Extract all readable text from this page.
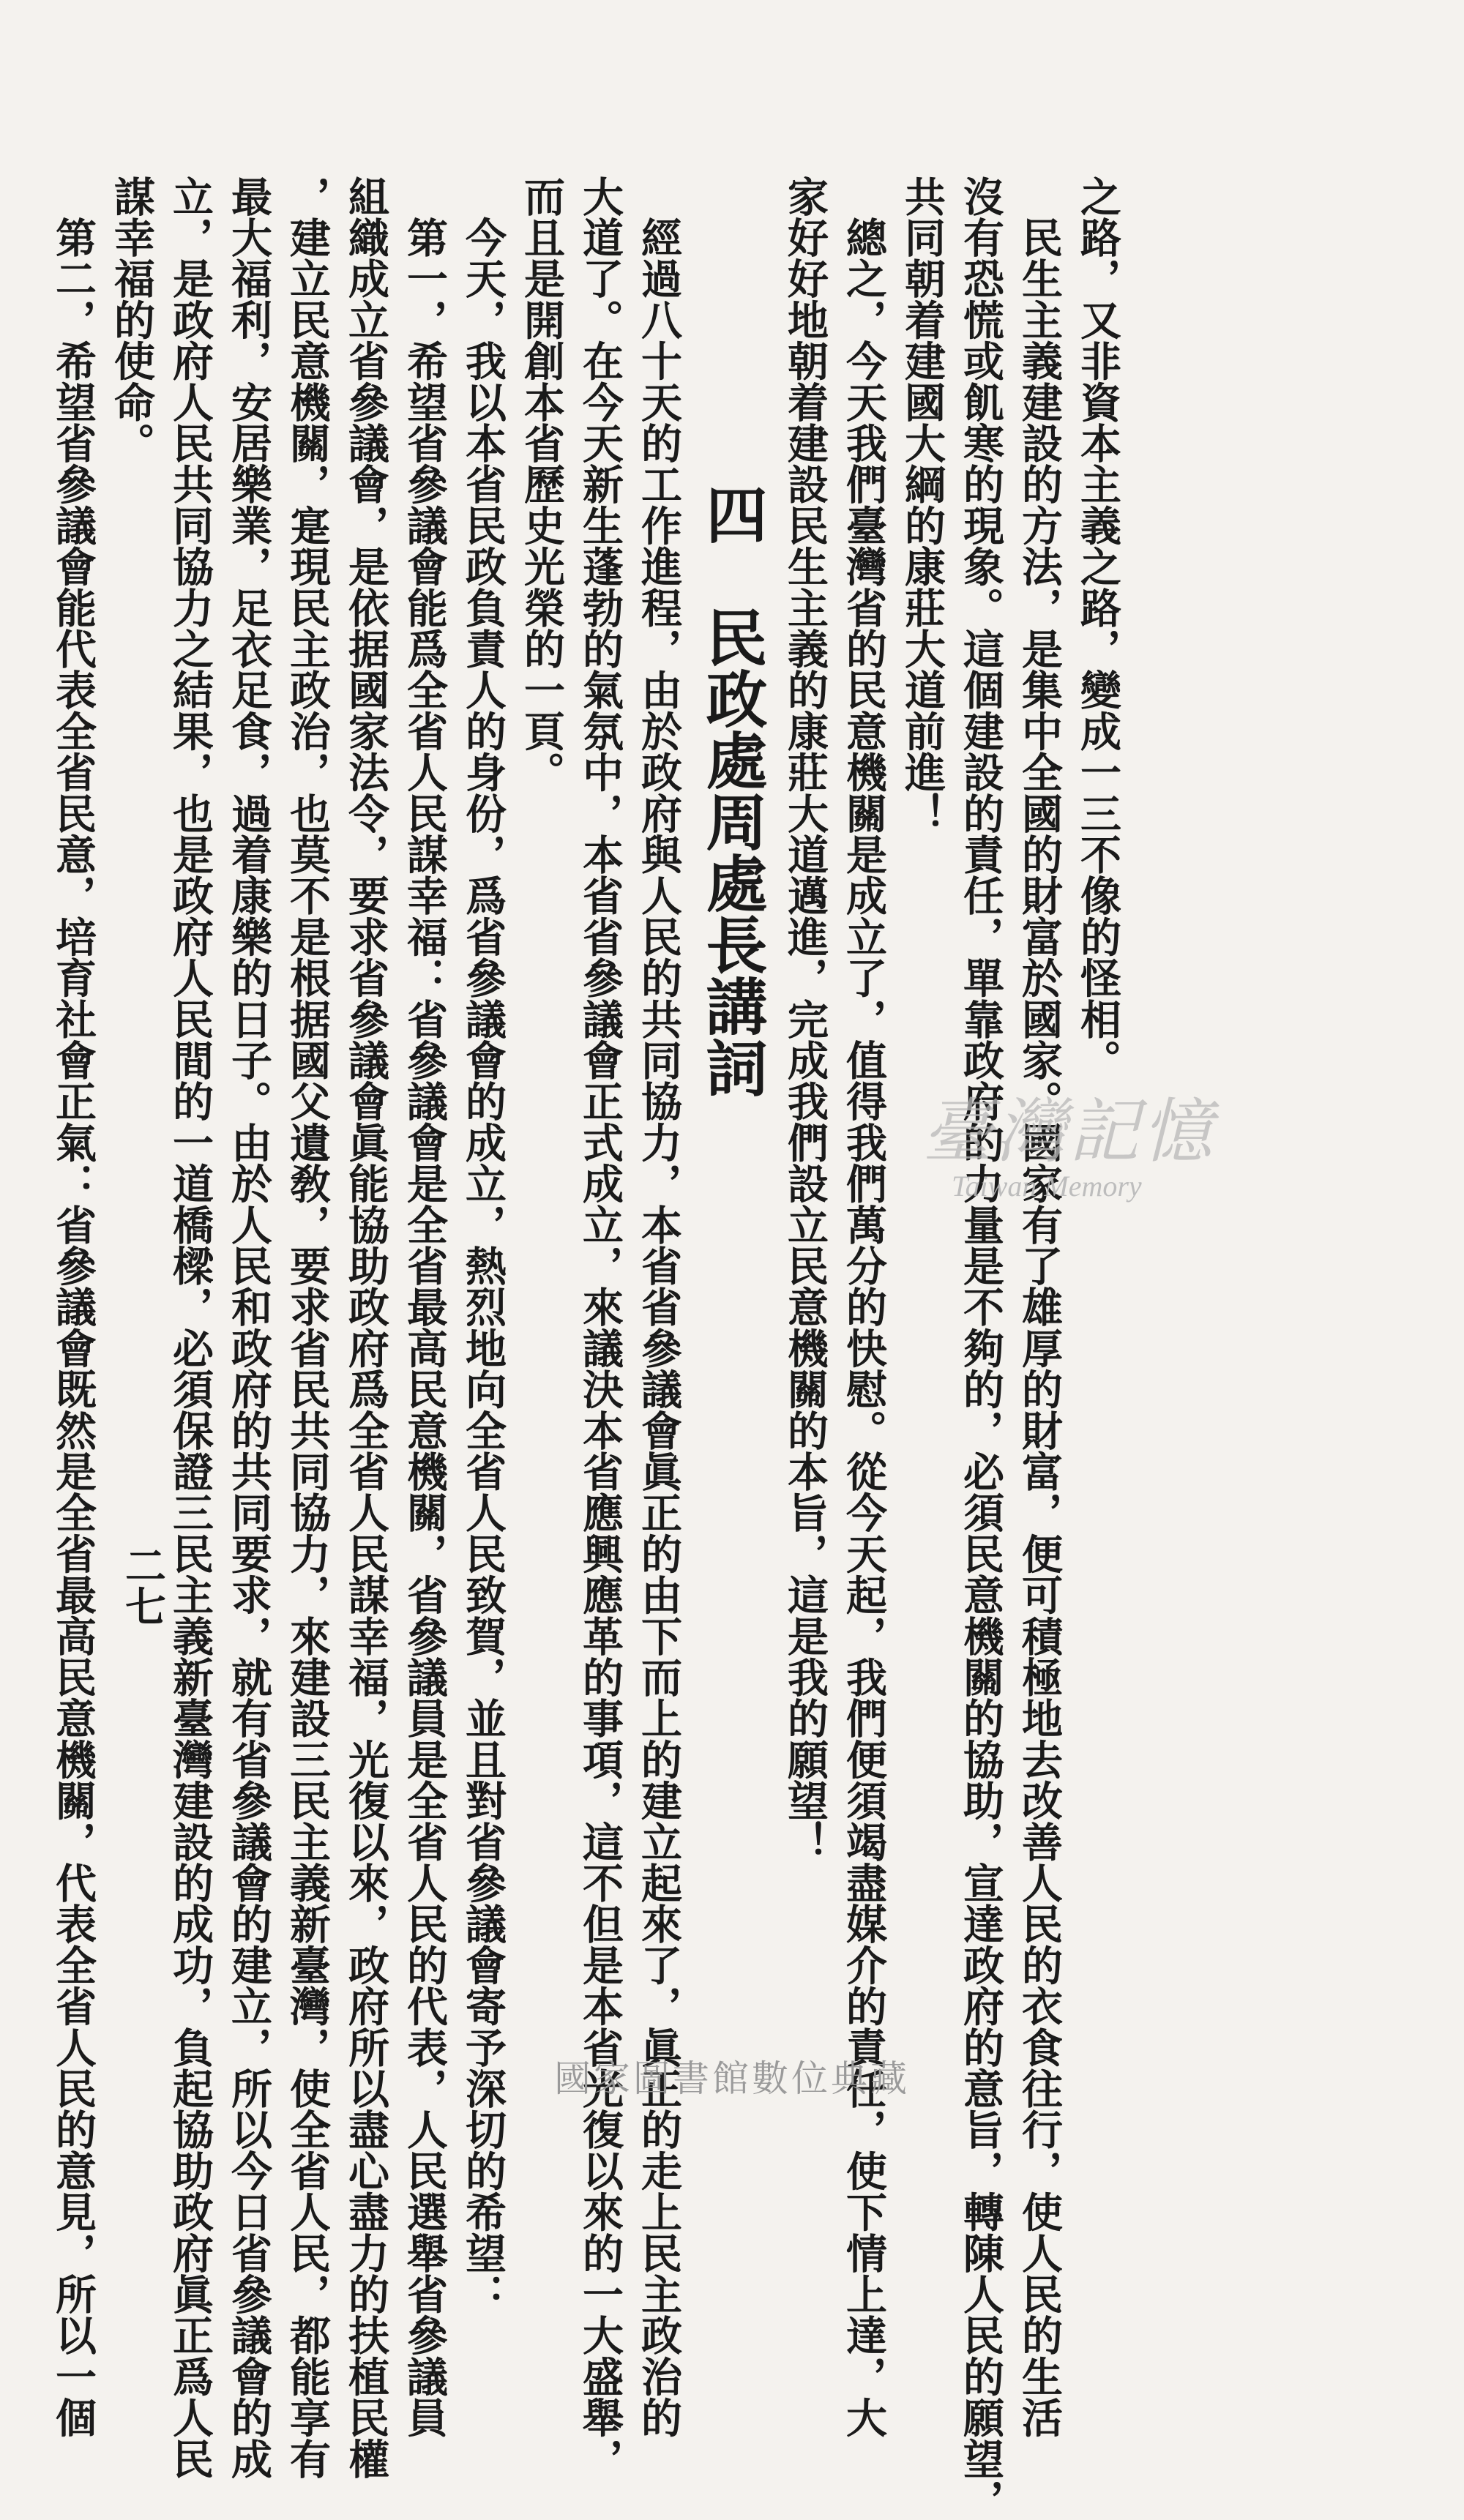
之路，又非資本主義之路，變成一三不像的怪相。
　民生主義建設的方法，是集中全國的財富於國家。國家有了雄厚的財富，便可積極地去改善人民的衣食往行，使人民的生活
沒有恐慌或飢寒的現象。這個建設的責任，單靠政府的力量是不夠的，必須民意機關的協助，宣達政府的意旨，轉陳人民的願望，
共同朝着建國大綱的康莊大道前進！
　總之，今天我們臺灣省的民意機關是成立了，值得我們萬分的快慰。從今天起，我們便須竭盡媒介的責任，使下情上達，大
家好好地朝着建設民生主義的康莊大道邁進，完成我們設立民意機關的本旨，這是我的願望！
四　民政處周處長講詞
　經過八十天的工作進程，由於政府與人民的共同協力，本省省參議會眞正的由下而上的建立起來了，眞正的走上民主政治的
大道了。在今天新生蓬勃的氣氛中，本省省參議會正式成立，來議決本省應興應革的事項，這不但是本省光復以來的一大盛舉，
而且是開創本省歷史光榮的一頁。
　今天，我以本省民政負責人的身份，爲省參議會的成立，熱烈地向全省人民致賀，並且對省參議會寄予深切的希望：
　第一，希望省參議會能爲全省人民謀幸福：省參議會是全省最高民意機關，省參議員是全省人民的代表，人民選舉省參議員
組織成立省參議會，是依据國家法令，要求省參議會眞能協助政府爲全省人民謀幸福，光復以來，政府所以盡心盡力的扶植民權
，建立民意機關，寔現民主政治，也莫不是根据國父遺敎，要求省民共同協力，來建設三民主義新臺灣，使全省人民，都能享有
最大福利，安居樂業，足衣足食，過着康樂的日子。由於人民和政府的共同要求，就有省參議會的建立，所以今日省參議會的成
立，是政府人民共同協力之結果，也是政府人民間的一道橋樑，必須保證三民主義新臺灣建設的成功，負起協助政府眞正爲人民
謀幸福的使命。
　第二，希望省參議會能代表全省民意，培育社會正氣：省參議會既然是全省最高民意機關，代表全省人民的意見，所以一個 二七
臺灣記憶
Taiwan Memory
國家圖書館數位典藏
